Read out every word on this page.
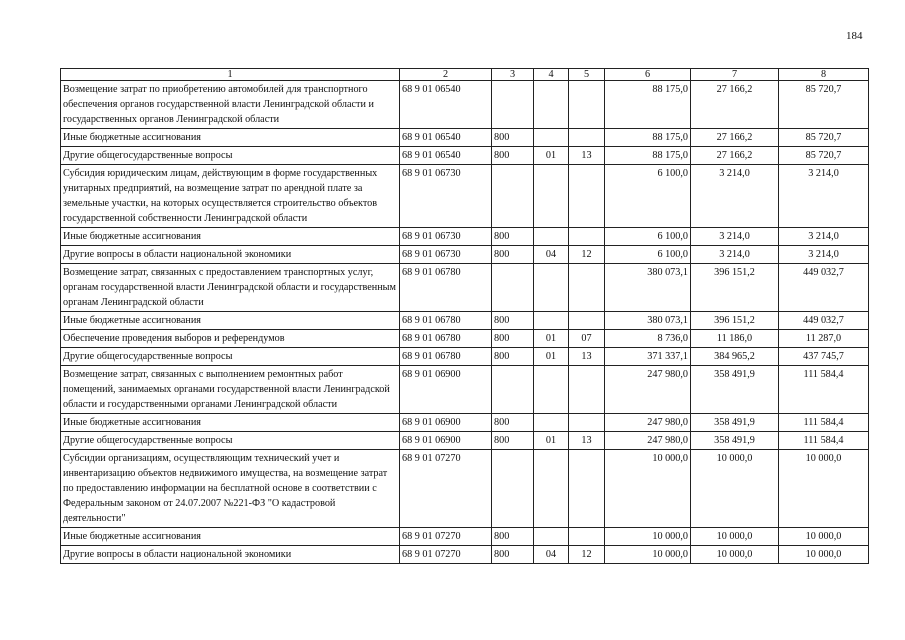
184
1	2	3	4	5	6	7	8
Возмещение затрат по приобретению автомобилей для транспортного обеспечения органов государственной власти Ленинградской области и государственных органов Ленинградской области	68 9 01 06540				88 175,0	27 166,2	85 720,7
Иные бюджетные ассигнования	68 9 01 06540	800			88 175,0	27 166,2	85 720,7
Другие общегосударственные вопросы	68 9 01 06540	800	01	13	88 175,0	27 166,2	85 720,7
Субсидия юридическим лицам, действующим в форме государственных унитарных предприятий, на возмещение затрат по арендной плате за земельные участки, на которых осуществляется строительство объектов государственной собственности Ленинградской области	68 9 01 06730				6 100,0	3 214,0	3 214,0
Иные бюджетные ассигнования	68 9 01 06730	800			6 100,0	3 214,0	3 214,0
Другие вопросы в области национальной экономики	68 9 01 06730	800	04	12	6 100,0	3 214,0	3 214,0
Возмещение затрат, связанных с предоставлением транспортных услуг, органам государственной власти Ленинградской области и государственным органам Ленинградской области	68 9 01 06780				380 073,1	396 151,2	449 032,7
Иные бюджетные ассигнования	68 9 01 06780	800			380 073,1	396 151,2	449 032,7
Обеспечение проведения выборов и референдумов	68 9 01 06780	800	01	07	8 736,0	11 186,0	11 287,0
Другие общегосударственные вопросы	68 9 01 06780	800	01	13	371 337,1	384 965,2	437 745,7
Возмещение затрат, связанных с выполнением ремонтных работ помещений, занимаемых органами государственной власти Ленинградской области и государственными органами Ленинградской области	68 9 01 06900				247 980,0	358 491,9	111 584,4
Иные бюджетные ассигнования	68 9 01 06900	800			247 980,0	358 491,9	111 584,4
Другие общегосударственные вопросы	68 9 01 06900	800	01	13	247 980,0	358 491,9	111 584,4
Субсидии организациям, осуществляющим технический учет и инвентаризацию объектов недвижимого имущества, на возмещение затрат по предоставлению информации на бесплатной основе в соответствии с Федеральным законом от 24.07.2007 №221-ФЗ "О кадастровой деятельности"	68 9 01 07270				10 000,0	10 000,0	10 000,0
Иные бюджетные ассигнования	68 9 01 07270	800			10 000,0	10 000,0	10 000,0
Другие вопросы в области национальной экономики	68 9 01 07270	800	04	12	10 000,0	10 000,0	10 000,0
